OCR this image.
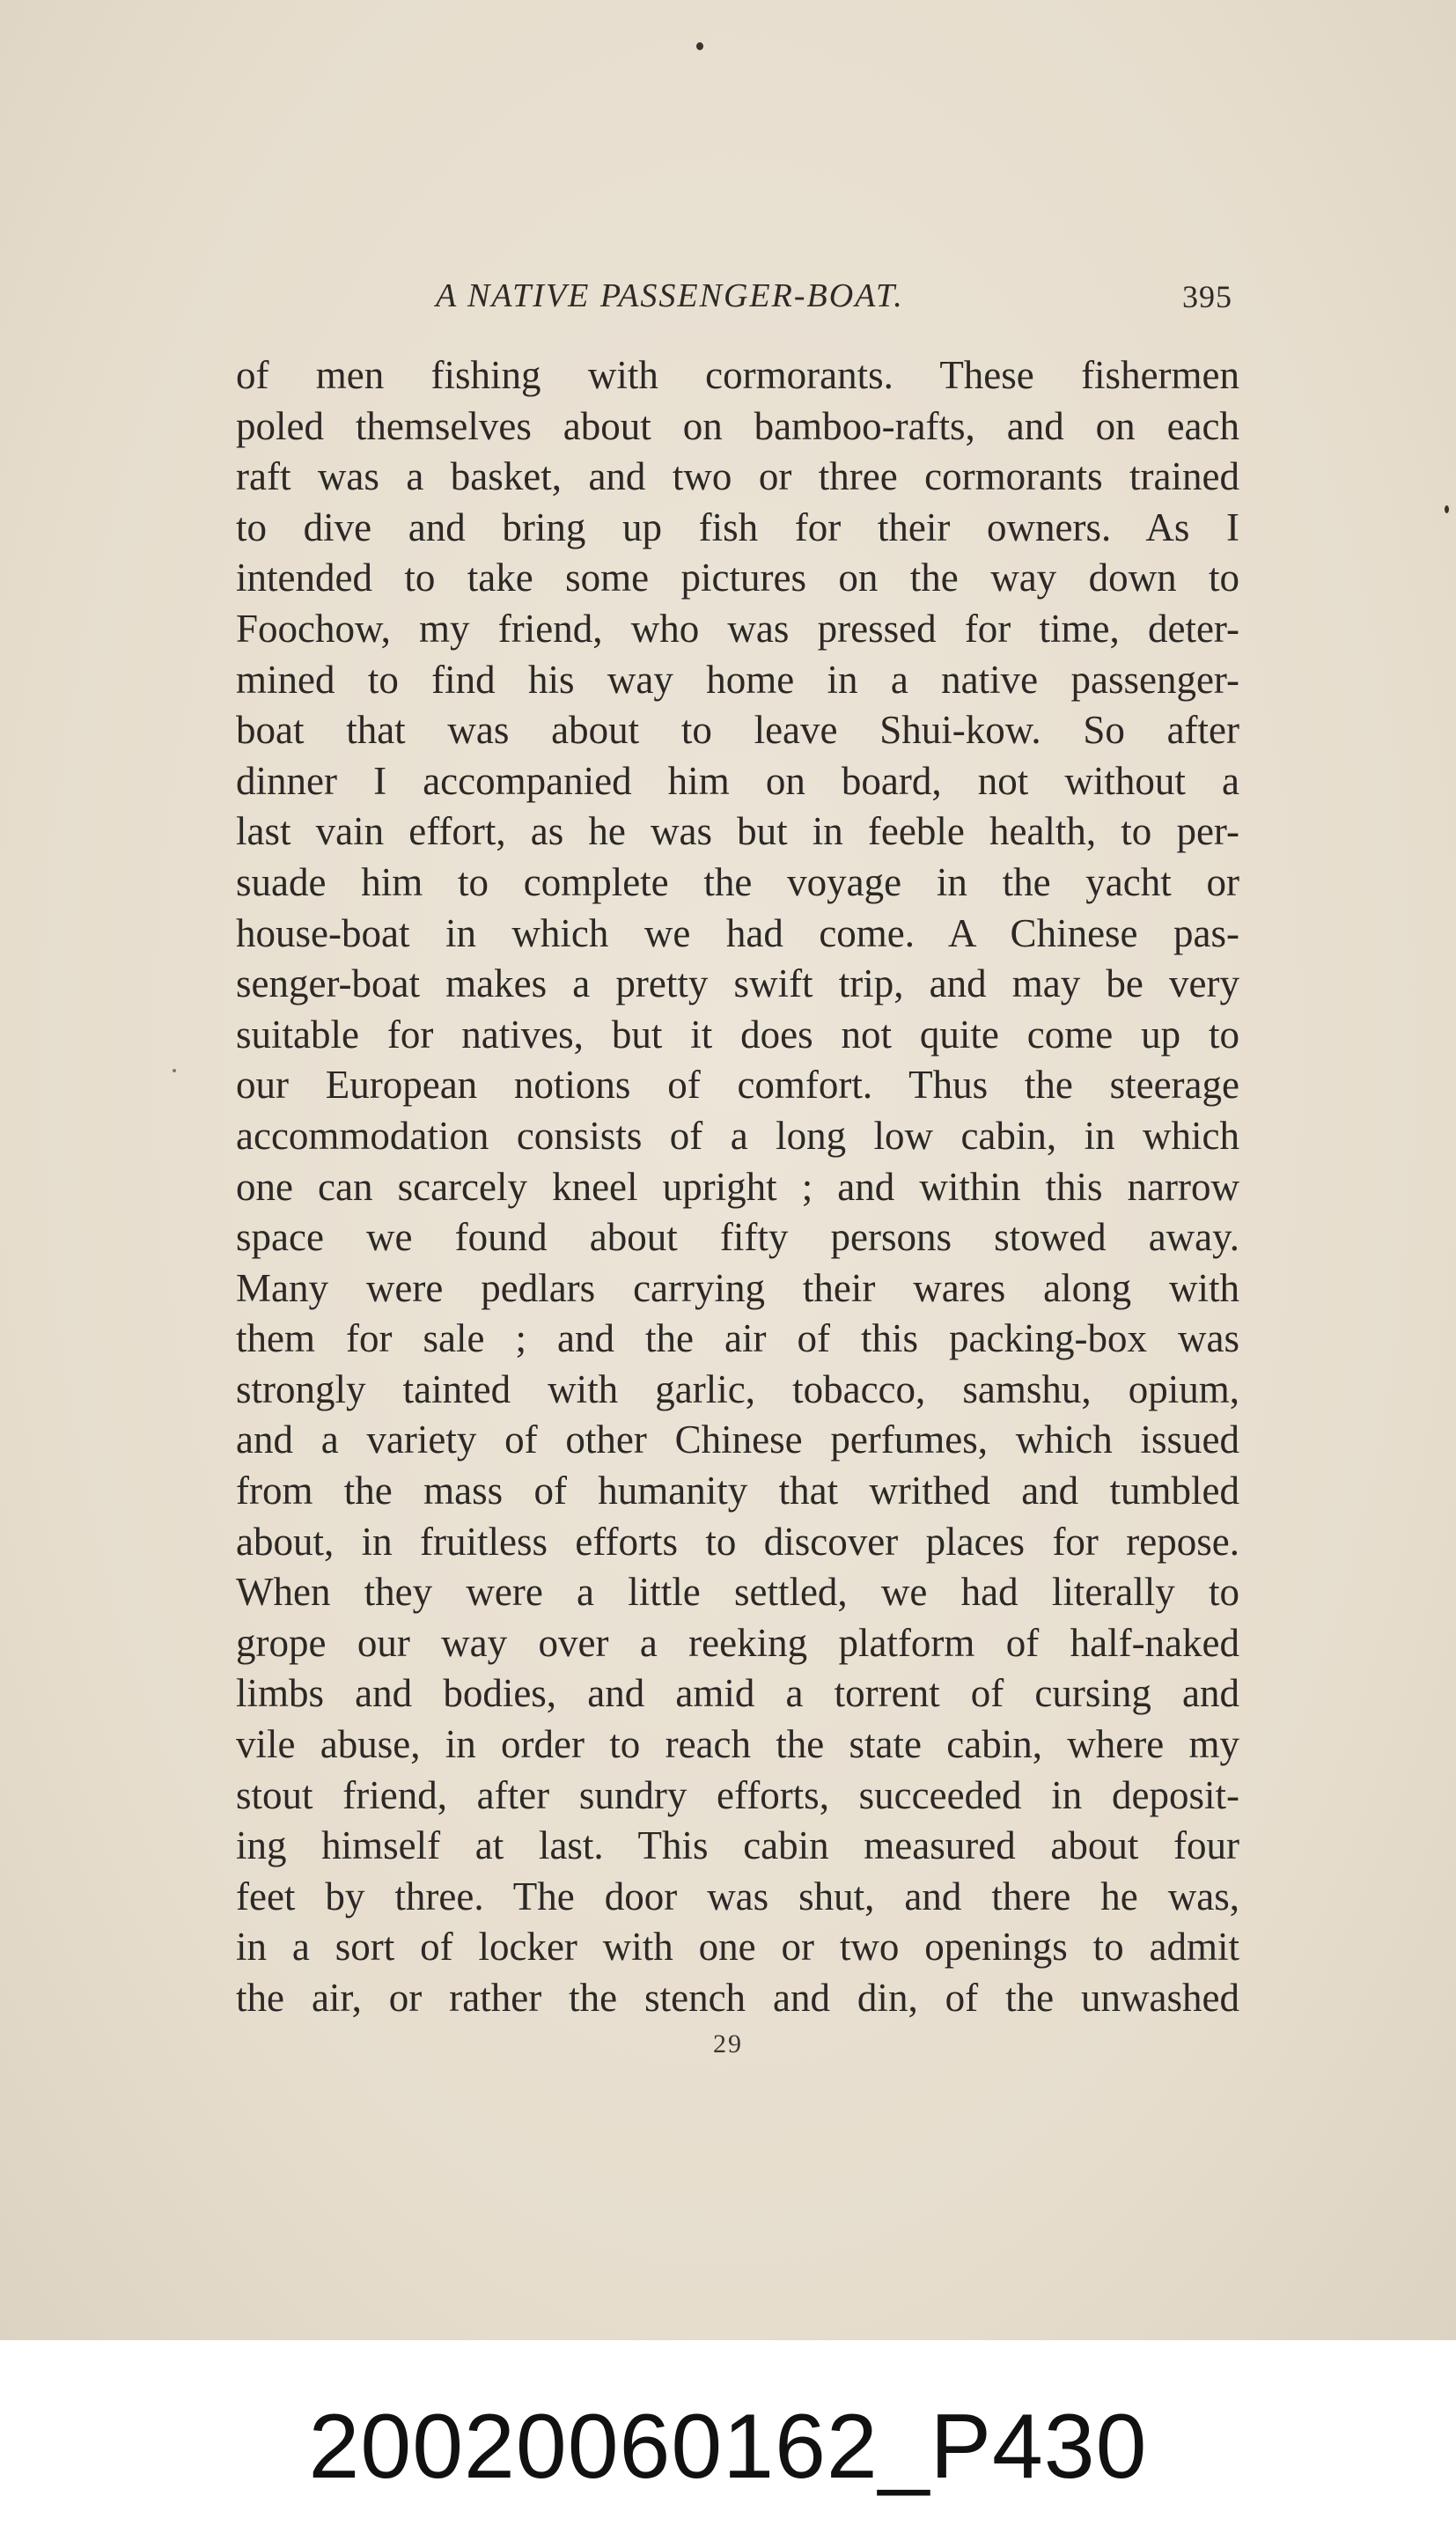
A NATIVE PASSENGER-BOAT.	395
of men fishing with cormorants. These fishermen
poled themselves about on bamboo-rafts, and on each
raft was a basket, and two or three cormorants trained
to dive and bring up fish for their owners. As I
intended to take some pictures on the way down to
Foochow, my friend, who was pressed for time, deter-
mined to find his way home in a native passenger-
boat that was about to leave Shui-kow. So after
dinner I accompanied him on board, not without a
last vain effort, as he was but in feeble health, to per-
suade him to complete the voyage in the yacht or
house-boat in which we had come. A Chinese pas-
senger-boat makes a pretty swift trip, and may be very
suitable for natives, but it does not quite come up to
our European notions of comfort. Thus the steerage
accommodation consists of a long low cabin, in which
one can scarcely kneel upright ; and within this narrow
space we found about fifty persons stowed away.
Many were pedlars carrying their wares along with
them for sale ; and the air of this packing-box was
strongly tainted with garlic, tobacco, samshu, opium,
and a variety of other Chinese perfumes, which issued
from the mass of humanity that writhed and tumbled
about, in fruitless efforts to discover places for repose.
When they were a little settled, we had literally to
grope our way over a reeking platform of half-naked
limbs and bodies, and amid a torrent of cursing and
vile abuse, in order to reach the state cabin, where my
stout friend, after sundry efforts, succeeded in deposit-
ing himself at last. This cabin measured about four
feet by three. The door was shut, and there he was,
in a sort of locker with one or two openings to admit
the air, or rather the stench and din, of the unwashed
29
20020060162_P430
